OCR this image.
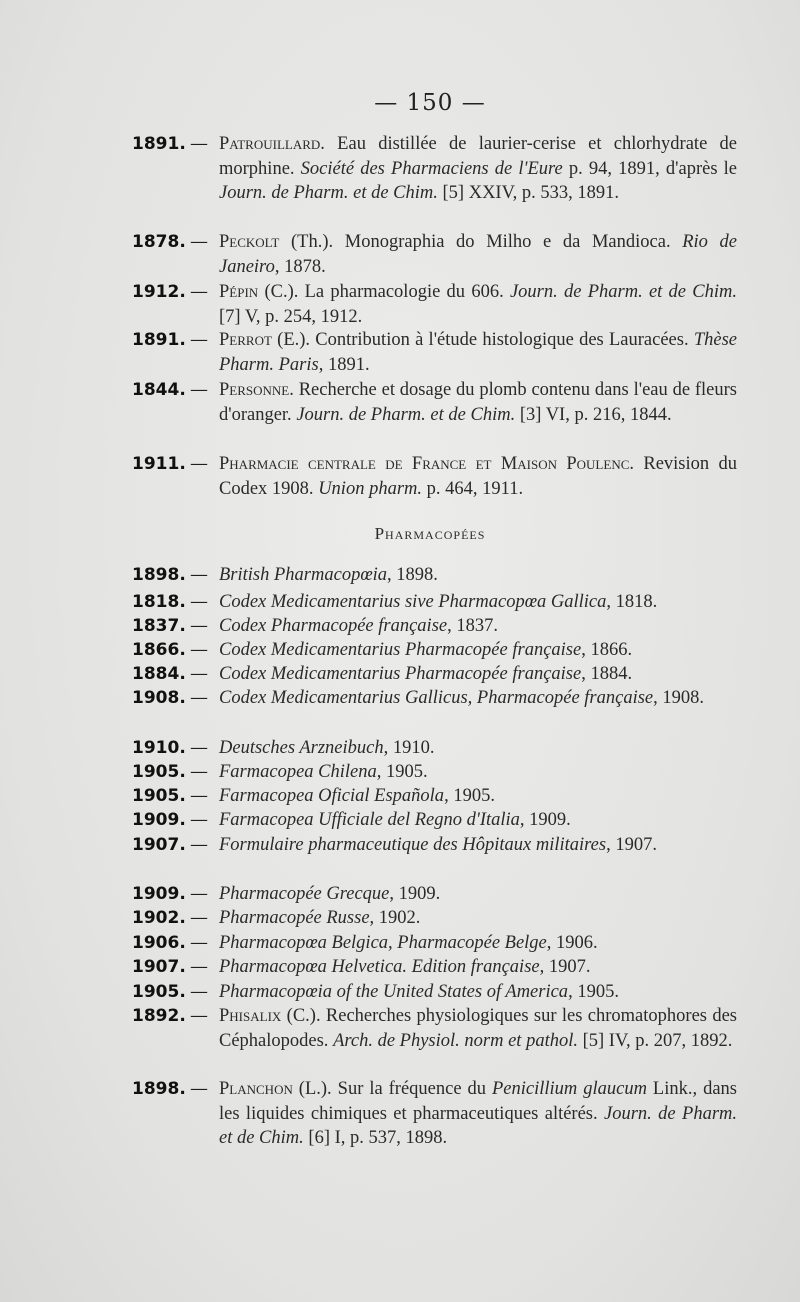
— 150 —
1891. — Patrouillard. Eau distillée de laurier-cerise et chlorhydrate de morphine. Société des Pharmaciens de l'Eure p. 94, 1891, d'après le Journ. de Pharm. et de Chim. [5] XXIV, p. 533, 1891.
1878. — Peckolt (Th.). Monographia do Milho e da Mandioca. Rio de Janeiro, 1878.
1912. — Pépin (C.). La pharmacologie du 606. Journ. de Pharm. et de Chim. [7] V, p. 254, 1912.
1891. — Perrot (E.). Contribution à l'étude histologique des Lauracées. Thèse Pharm. Paris, 1891.
1844. — Personne. Recherche et dosage du plomb contenu dans l'eau de fleurs d'oranger. Journ. de Pharm. et de Chim. [3] VI, p. 216, 1844.
1911. — Pharmacie centrale de France et Maison Poulenc. Revision du Codex 1908. Union pharm. p. 464, 1911.
1898. — British Pharmacopœia, 1898.
1818. — Codex Medicamentarius sive Pharmacopœa Gallica, 1818.
1837. — Codex Pharmacopée française, 1837.
1866. — Codex Medicamentarius Pharmacopée française, 1866.
1884. — Codex Medicamentarius Pharmacopée française, 1884.
1908. — Codex Medicamentarius Gallicus, Pharmacopée française, 1908.
1910. — Deutsches Arzneibuch, 1910.
1905. — Farmacopea Chilena, 1905.
1905. — Farmacopea Oficial Española, 1905.
1909. — Farmacopea Ufficiale del Regno d'Italia, 1909.
1907. — Formulaire pharmaceutique des Hôpitaux militaires, 1907.
1909. — Pharmacopée Grecque, 1909.
1902. — Pharmacopée Russe, 1902.
1906. — Pharmacopœa Belgica, Pharmacopée Belge, 1906.
1907. — Pharmacopœa Helvetica. Edition française, 1907.
1905. — Pharmacopœia of the United States of America, 1905.
1892. — Phisalix (C.). Recherches physiologiques sur les chromatophores des Céphalopodes. Arch. de Physiol. norm et pathol. [5] IV, p. 207, 1892.
1898. — Planchon (L.). Sur la fréquence du Penicillium glaucum Link., dans les liquides chimiques et pharmaceutiques altérés. Journ. de Pharm. et de Chim. [6] I, p. 537, 1898.
Pharmacopées
